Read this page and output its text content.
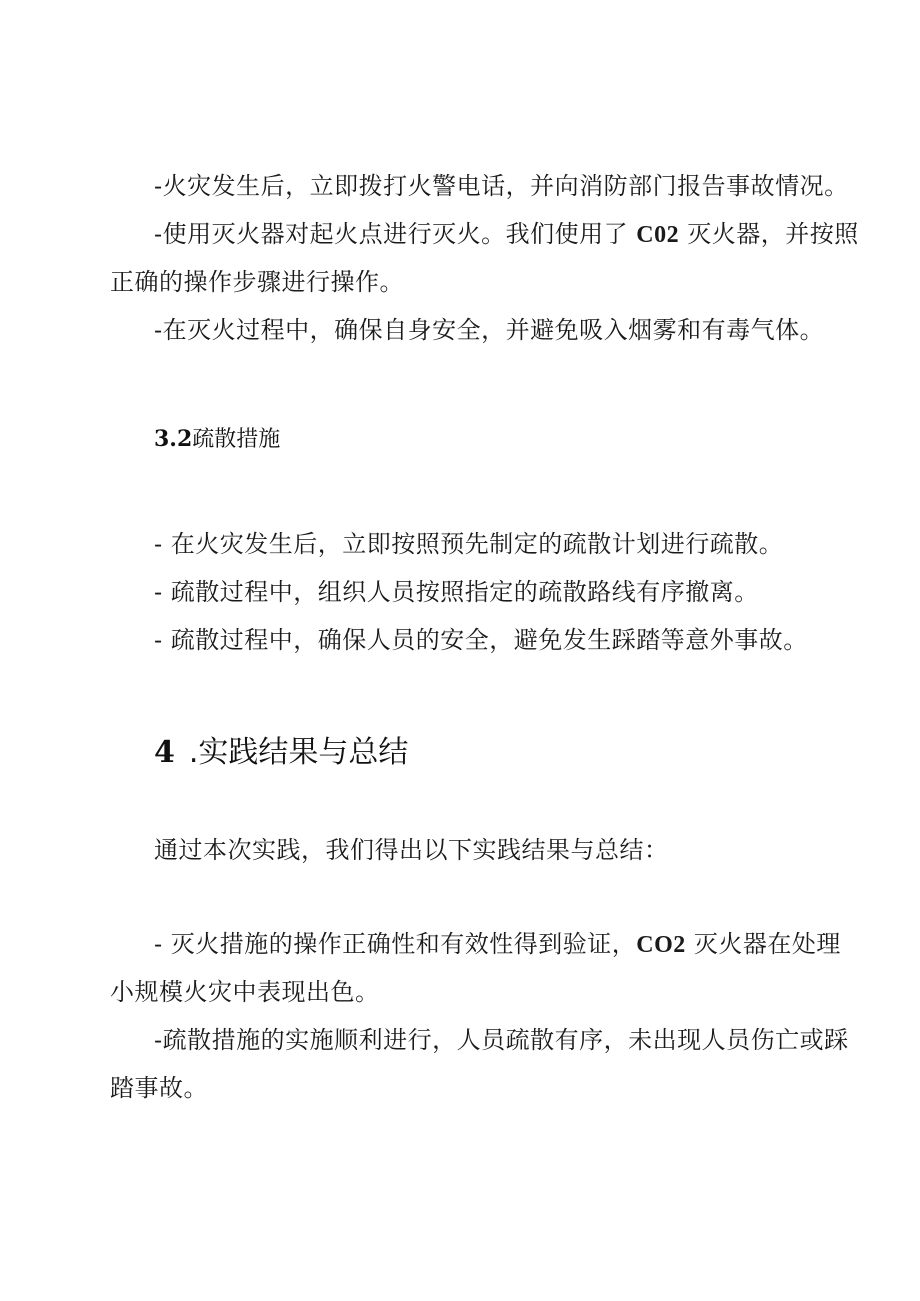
-火灾发生后，立即拨打火警电话，并向消防部门报告事故情况。
-使用灭火器对起火点进行灭火。我们使用了 C02 灭火器，并按照
正确的操作步骤进行操作。
-在灭火过程中，确保自身安全，并避免吸入烟雾和有毒气体。
3.2疏散措施
- 在火灾发生后，立即按照预先制定的疏散计划进行疏散。
- 疏散过程中，组织人员按照指定的疏散路线有序撤离。
- 疏散过程中，确保人员的安全，避免发生踩踏等意外事故。
4 .实践结果与总结
通过本次实践，我们得出以下实践结果与总结：
- 灭火措施的操作正确性和有效性得到验证，CO2 灭火器在处理
小规模火灾中表现出色。
-疏散措施的实施顺利进行，人员疏散有序，未出现人员伤亡或踩
踏事故。
